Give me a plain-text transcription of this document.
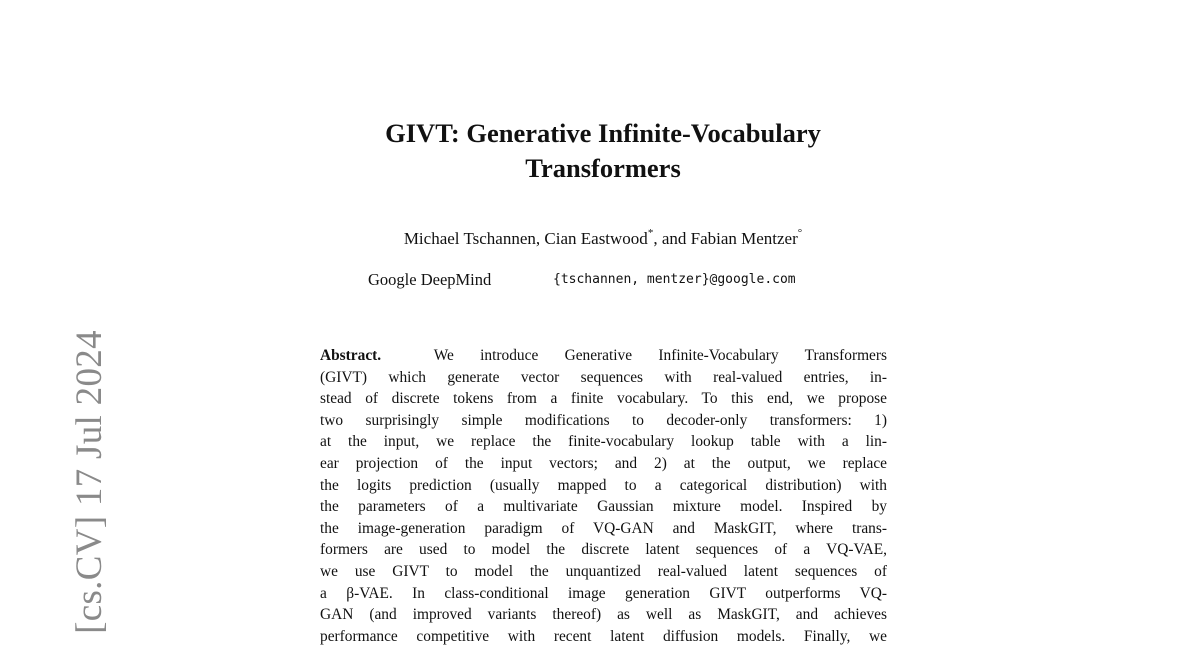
[cs.CV] 17 Jul 2024
GIVT: Generative Infinite-Vocabulary
Transformers
Michael Tschannen, Cian Eastwood*, and Fabian Mentzer°
Google DeepMind	{tschannen, mentzer}@google.com
Abstract.	We introduce Generative Infinite-Vocabulary Transformers
(GIVT) which generate vector sequences with real-valued entries, in-
stead of discrete tokens from a finite vocabulary. To this end, we propose
two surprisingly simple modifications to decoder-only transformers: 1)
at the input, we replace the finite-vocabulary lookup table with a lin-
ear projection of the input vectors; and 2) at the output, we replace
the logits prediction (usually mapped to a categorical distribution) with
the parameters of a multivariate Gaussian mixture model. Inspired by
the image-generation paradigm of VQ-GAN and MaskGIT, where trans-
formers are used to model the discrete latent sequences of a VQ-VAE,
we use GIVT to model the unquantized real-valued latent sequences of
a β-VAE. In class-conditional image generation GIVT outperforms VQ-
GAN (and improved variants thereof) as well as MaskGIT, and achieves
performance competitive with recent latent diffusion models. Finally, we
